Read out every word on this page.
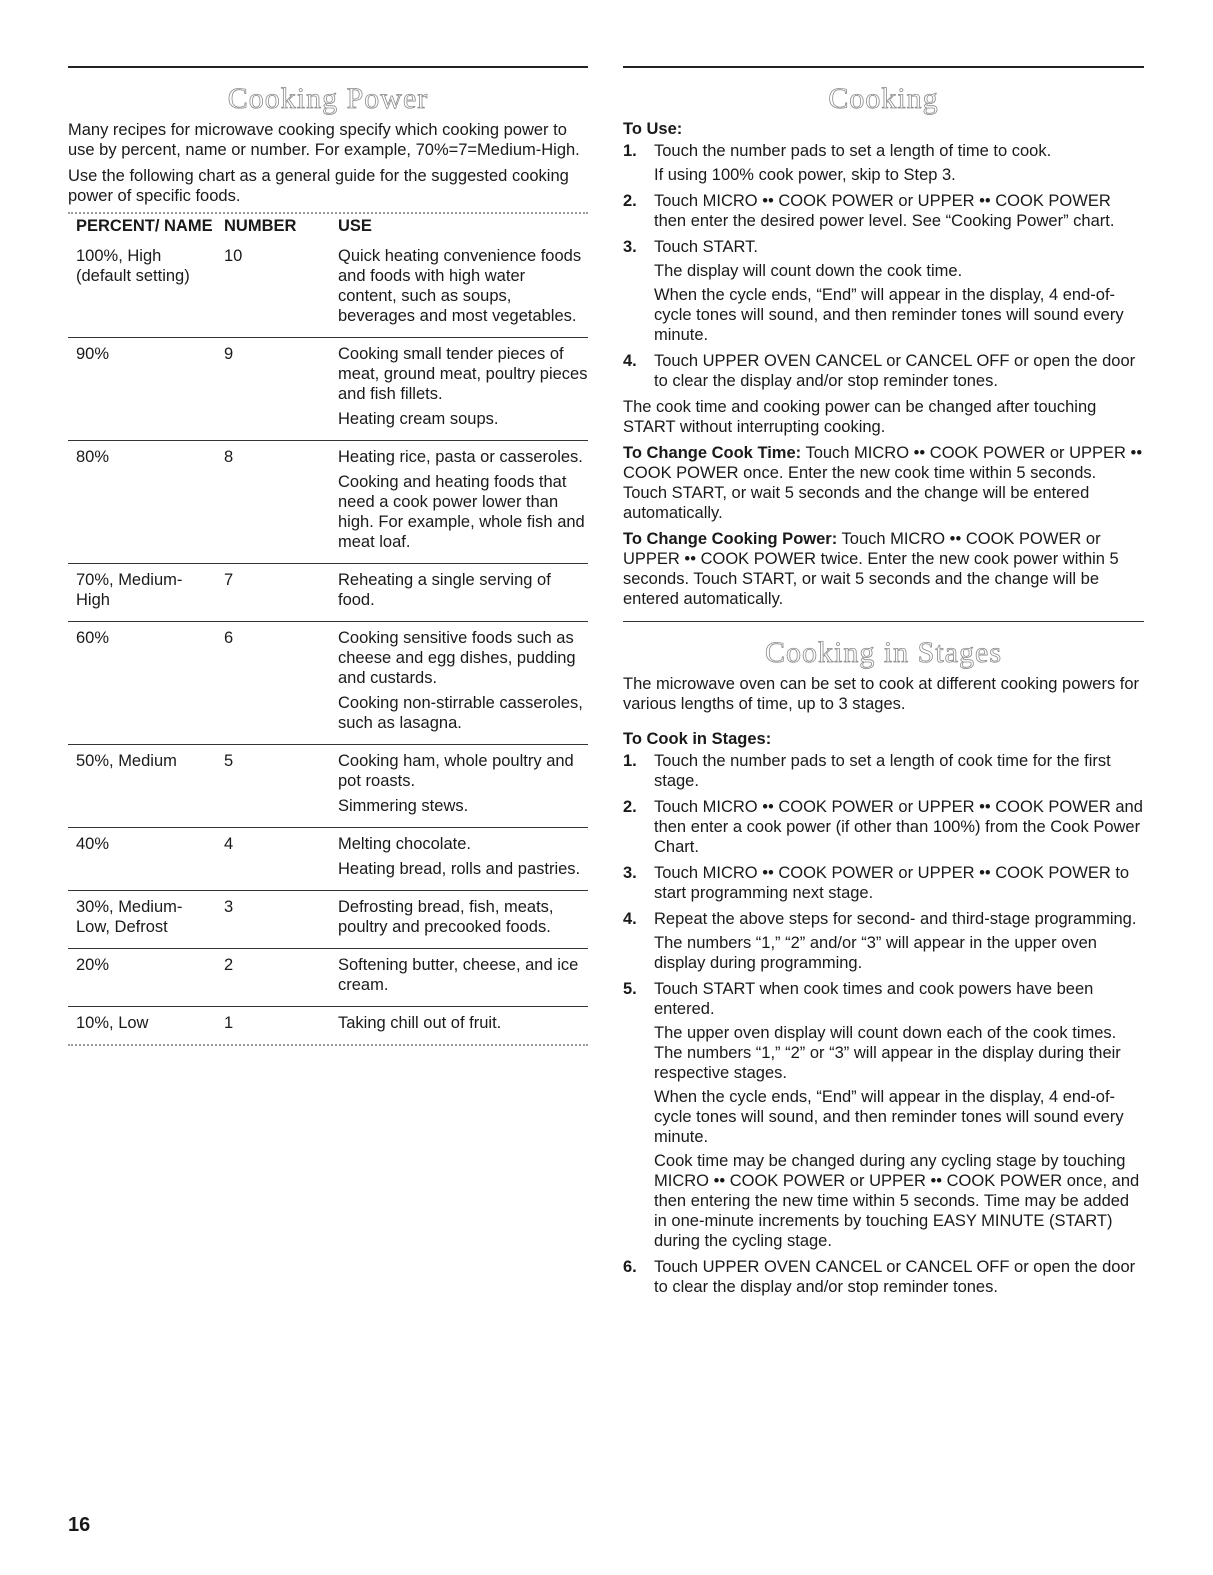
Cooking Power

Many recipes for microwave cooking specify which cooking power to use by percent, name or number. For example, 70%=7=Medium-High.

Use the following chart as a general guide for the suggested cooking power of specific foods.

PERCENT/ NAME	NUMBER	USE
100%, High (default setting)	10	Quick heating convenience foods and foods with high water content, such as soups, beverages and most vegetables.

90%	9	Cooking small tender pieces of meat, ground meat, poultry pieces and fish fillets.

Heating cream soups.

80%	8	Heating rice, pasta or casseroles.

Cooking and heating foods that need a cook power lower than high. For example, whole fish and meat loaf.

70%, Medium-High	7	Reheating a single serving of food.

60%	6	Cooking sensitive foods such as cheese and egg dishes, pudding and custards.

Cooking non-stirrable casseroles, such as lasagna.

50%, Medium	5	Cooking ham, whole poultry and pot roasts.

Simmering stews.

40%	4	Melting chocolate.

Heating bread, rolls and pastries.

30%, Medium-Low, Defrost	3	Defrosting bread, fish, meats, poultry and precooked foods.

20%	2	Softening butter, cheese, and ice cream.

10%, Low	1	Taking chill out of fruit.

Cooking
To Use:
1. Touch the number pads to set a length of time to cook.

If using 100% cook power, skip to Step 3.

2. Touch MICRO •• COOK POWER or UPPER •• COOK POWER then enter the desired power level. See “Cooking Power” chart.
3. Touch START.

The display will count down the cook time.

When the cycle ends, “End” will appear in the display, 4 end-of-cycle tones will sound, and then reminder tones will sound every minute.

4. Touch UPPER OVEN CANCEL or CANCEL OFF or open the door to clear the display and/or stop reminder tones.

The cook time and cooking power can be changed after touching START without interrupting cooking.

To Change Cook Time: Touch MICRO •• COOK POWER or UPPER •• COOK POWER once. Enter the new cook time within 5 seconds. Touch START, or wait 5 seconds and the change will be entered automatically.

To Change Cooking Power: Touch MICRO •• COOK POWER or UPPER •• COOK POWER twice. Enter the new cook power within 5 seconds. Touch START, or wait 5 seconds and the change will be entered automatically.

Cooking in Stages

The microwave oven can be set to cook at different cooking powers for various lengths of time, up to 3 stages.

To Cook in Stages:
1. Touch the number pads to set a length of cook time for the first stage.
2. Touch MICRO •• COOK POWER or UPPER •• COOK POWER and then enter a cook power (if other than 100%) from the Cook Power Chart.
3. Touch MICRO •• COOK POWER or UPPER •• COOK POWER to start programming next stage.
4. Repeat the above steps for second- and third-stage programming.

The numbers “1,” “2” and/or “3” will appear in the upper oven display during programming.

5. Touch START when cook times and cook powers have been entered.

The upper oven display will count down each of the cook times. The numbers “1,” “2” or “3” will appear in the display during their respective stages.

When the cycle ends, “End” will appear in the display, 4 end-of-cycle tones will sound, and then reminder tones will sound every minute.

Cook time may be changed during any cycling stage by touching MICRO •• COOK POWER or UPPER •• COOK POWER once, and then entering the new time within 5 seconds. Time may be added in one-minute increments by touching EASY MINUTE (START) during the cycling stage.

6. Touch UPPER OVEN CANCEL or CANCEL OFF or open the door to clear the display and/or stop reminder tones.
16
